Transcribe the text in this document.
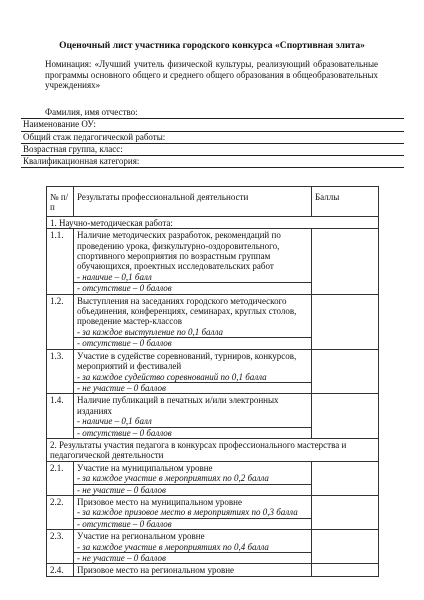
Оценочный лист участника городского конкурса «Спортивная элита»
Номинация: «Лучший учитель физической культуры, реализующий образовательные программы основного общего и среднего общего образования в общеобразовательных учреждениях»
Фамилия, имя отчество:
Наименование ОУ:
Общий стаж педагогической работы:
Возрастная группа, класс:
Квалификационная категория:
№ п/п	Результаты профессиональной деятельности	Баллы
1. Научно-методическая работа:		
1.1.	Наличие методических разработок, рекомендаций по проведению урока, физкультурно-оздоровительного, спортивного мероприятия по возрастным группам обучающихся, проектных исследовательских работ
- наличие – 0,1 балл
- отсутствие – 0 баллов	

1.2.	Выступления на заседаниях городского методического объединения, конференциях, семинарах, круглых столов, проведение мастер-классов
- за каждое выступление по 0,1 балла
- отсутствие – 0 баллов	

1.3.	Участие в судействе соревнований, турниров, конкурсов, мероприятий и фестивалей
- за каждое судейство соревнований по 0,1 балла
- не участие – 0 баллов	

1.4.	Наличие публикаций в печатных и/или электронных изданиях
- наличие – 0,1 балл
- отсутствие – 0 баллов	

2. Результаты участия педагога в конкурсах профессионального мастерства и педагогической деятельности		
2.1.	Участие на муниципальном уровне
- за каждое участие в мероприятиях по 0,2 балла
- не участие – 0 баллов	

2.2.	Призовое место на муниципальном уровне
- за каждое призовое место в мероприятиях по 0,3 балла
- отсутствие – 0 баллов	

2.3.	Участие на региональном уровне
- за каждое участие в мероприятиях по 0,4 балла
- не участие – 0 баллов	

2.4.	Призовое место на региональном уровне	
